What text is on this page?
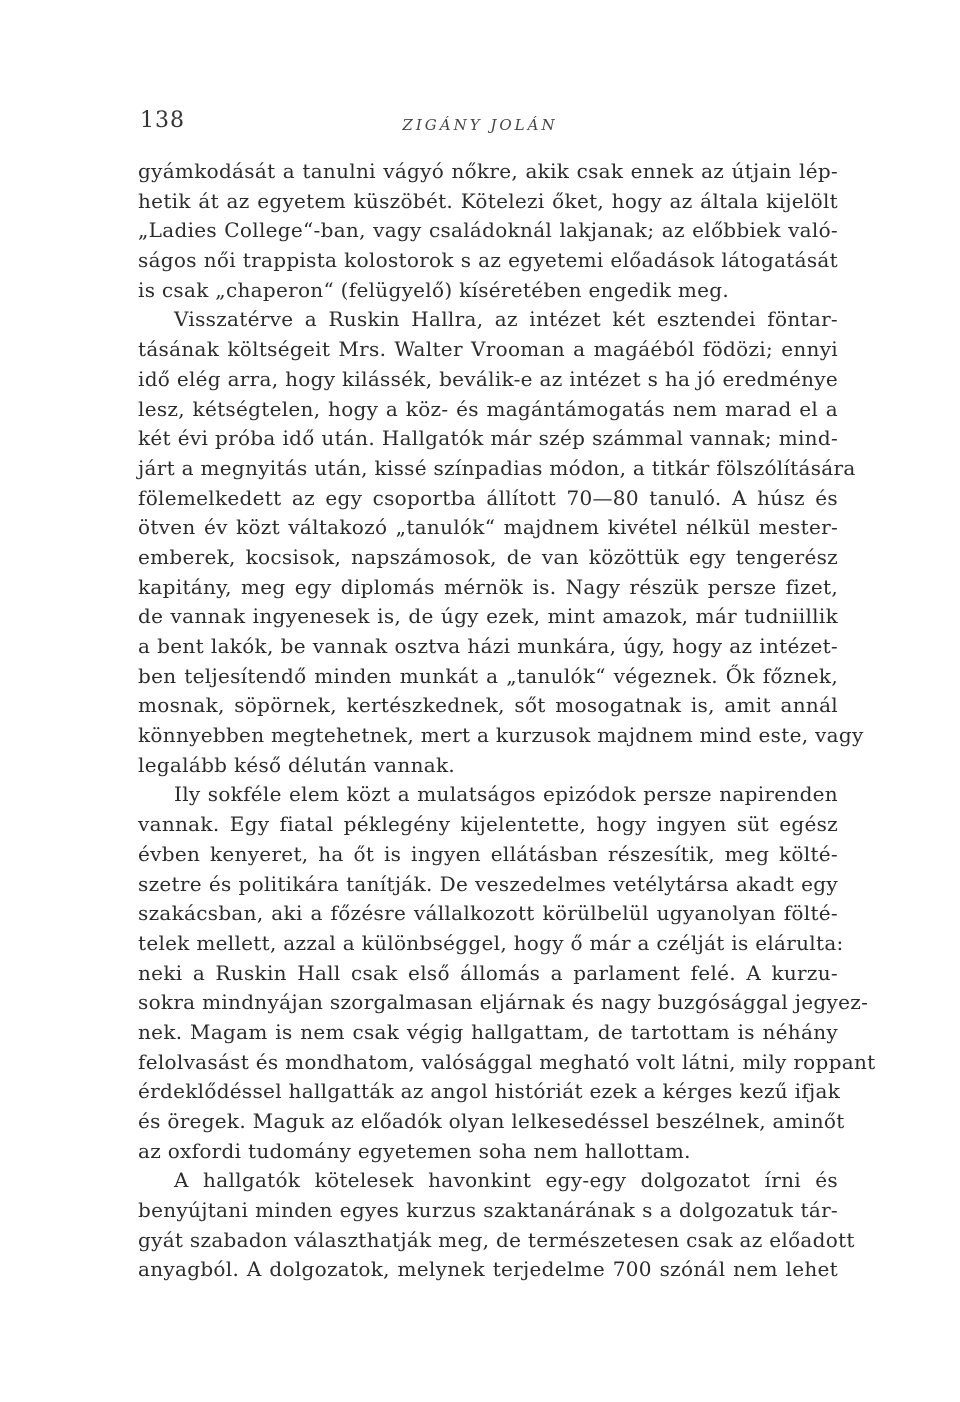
138	ZIGÁNY JOLÁN
gyámkodását a tanulni vágyó nőkre, akik csak ennek az útjain lép-
hetik át az egyetem küszöbét. Kötelezi őket, hogy az általa kijelölt
„Ladies College“-ban, vagy családoknál lakjanak; az előbbiek való-
ságos női trappista kolostorok s az egyetemi előadások látogatását
is csak „chaperon“ (felügyelő) kíséretében engedik meg.
Visszatérve a Ruskin Hallra, az intézet két esztendei föntar-
tásának költségeit Mrs. Walter Vrooman a magáéból födözi; ennyi
idő elég arra, hogy kilássék, beválik-e az intézet s ha jó eredménye
lesz, kétségtelen, hogy a köz- és magántámogatás nem marad el a
két évi próba idő után. Hallgatók már szép számmal vannak; mind-
járt a megnyitás után, kissé színpadias módon, a titkár fölszólítására
fölemelkedett az egy csoportba állított 70—80 tanuló. A húsz és
ötven év közt váltakozó „tanulók“ majdnem kivétel nélkül mester-
emberek, kocsisok, napszámosok, de van közöttük egy tengerész
kapitány, meg egy diplomás mérnök is. Nagy részük persze fizet,
de vannak ingyenesek is, de úgy ezek, mint amazok, már tudniillik
a bent lakók, be vannak osztva házi munkára, úgy, hogy az intézet-
ben teljesítendő minden munkát a „tanulók“ végeznek. Ők főznek,
mosnak, söpörnek, kertészkednek, sőt mosogatnak is, amit annál
könnyebben megtehetnek, mert a kurzusok majdnem mind este, vagy
legalább késő délután vannak.
Ily sokféle elem közt a mulatságos epizódok persze napirenden
vannak. Egy fiatal péklegény kijelentette, hogy ingyen süt egész
évben kenyeret, ha őt is ingyen ellátásban részesítik, meg költé-
szetre és politikára tanítják. De veszedelmes vetélytársa akadt egy
szakácsban, aki a főzésre vállalkozott körülbelül ugyanolyan fölté-
telek mellett, azzal a különbséggel, hogy ő már a czélját is elárulta:
neki a Ruskin Hall csak első állomás a parlament felé. A kurzu-
sokra mindnyájan szorgalmasan eljárnak és nagy buzgósággal jegyez-
nek. Magam is nem csak végig hallgattam, de tartottam is néhány
felolvasást és mondhatom, valósággal megható volt látni, mily roppant
érdeklődéssel hallgatták az angol históriát ezek a kérges kezű ifjak
és öregek. Maguk az előadók olyan lelkesedéssel beszélnek, aminőt
az oxfordi tudomány egyetemen soha nem hallottam.
A hallgatók kötelesek havonkint egy-egy dolgozatot írni és
benyújtani minden egyes kurzus szaktanárának s a dolgozatuk tár-
gyát szabadon választhatják meg, de természetesen csak az előadott
anyagból. A dolgozatok, melynek terjedelme 700 szónál nem lehet
